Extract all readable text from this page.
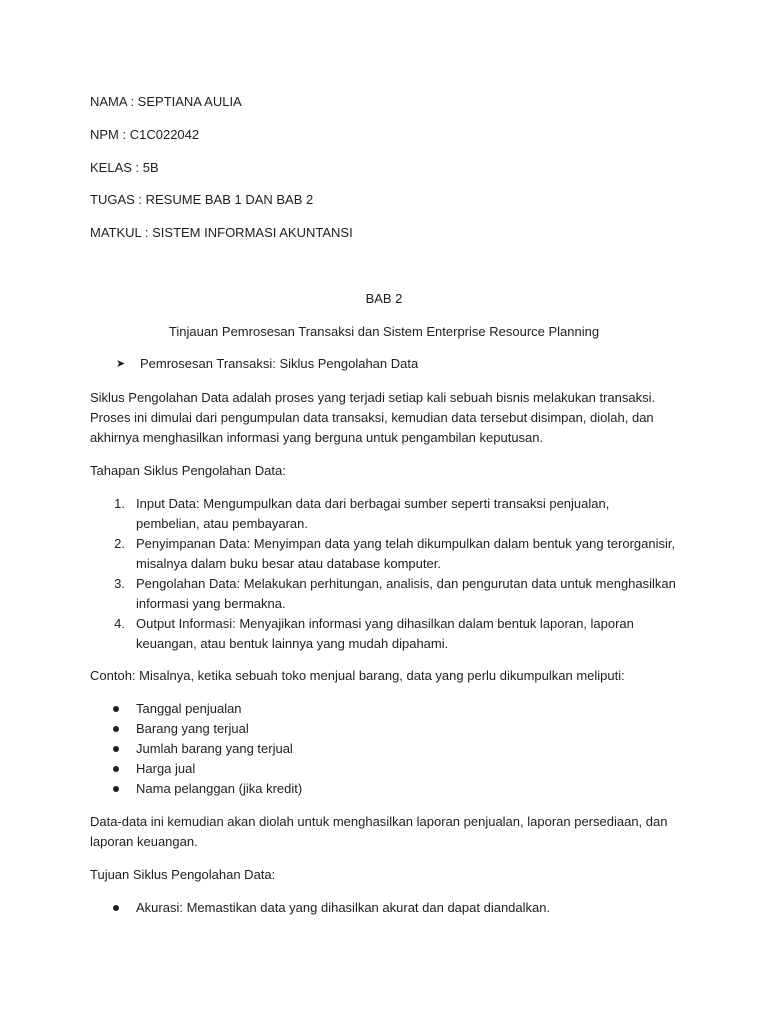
NAMA : SEPTIANA AULIA
NPM : C1C022042
KELAS : 5B
TUGAS : RESUME BAB 1 DAN BAB 2
MATKUL : SISTEM INFORMASI AKUNTANSI
BAB 2
Tinjauan Pemrosesan Transaksi dan Sistem Enterprise Resource Planning
➤ Pemrosesan Transaksi: Siklus Pengolahan Data
Siklus Pengolahan Data adalah proses yang terjadi setiap kali sebuah bisnis melakukan transaksi. Proses ini dimulai dari pengumpulan data transaksi, kemudian data tersebut disimpan, diolah, dan akhirnya menghasilkan informasi yang berguna untuk pengambilan keputusan.
Tahapan Siklus Pengolahan Data:
1. Input Data: Mengumpulkan data dari berbagai sumber seperti transaksi penjualan, pembelian, atau pembayaran.
2. Penyimpanan Data: Menyimpan data yang telah dikumpulkan dalam bentuk yang terorganisir, misalnya dalam buku besar atau database komputer.
3. Pengolahan Data: Melakukan perhitungan, analisis, dan pengurutan data untuk menghasilkan informasi yang bermakna.
4. Output Informasi: Menyajikan informasi yang dihasilkan dalam bentuk laporan, laporan keuangan, atau bentuk lainnya yang mudah dipahami.
Contoh: Misalnya, ketika sebuah toko menjual barang, data yang perlu dikumpulkan meliputi:
Tanggal penjualan
Barang yang terjual
Jumlah barang yang terjual
Harga jual
Nama pelanggan (jika kredit)
Data-data ini kemudian akan diolah untuk menghasilkan laporan penjualan, laporan persediaan, dan laporan keuangan.
Tujuan Siklus Pengolahan Data:
Akurasi: Memastikan data yang dihasilkan akurat dan dapat diandalkan.
